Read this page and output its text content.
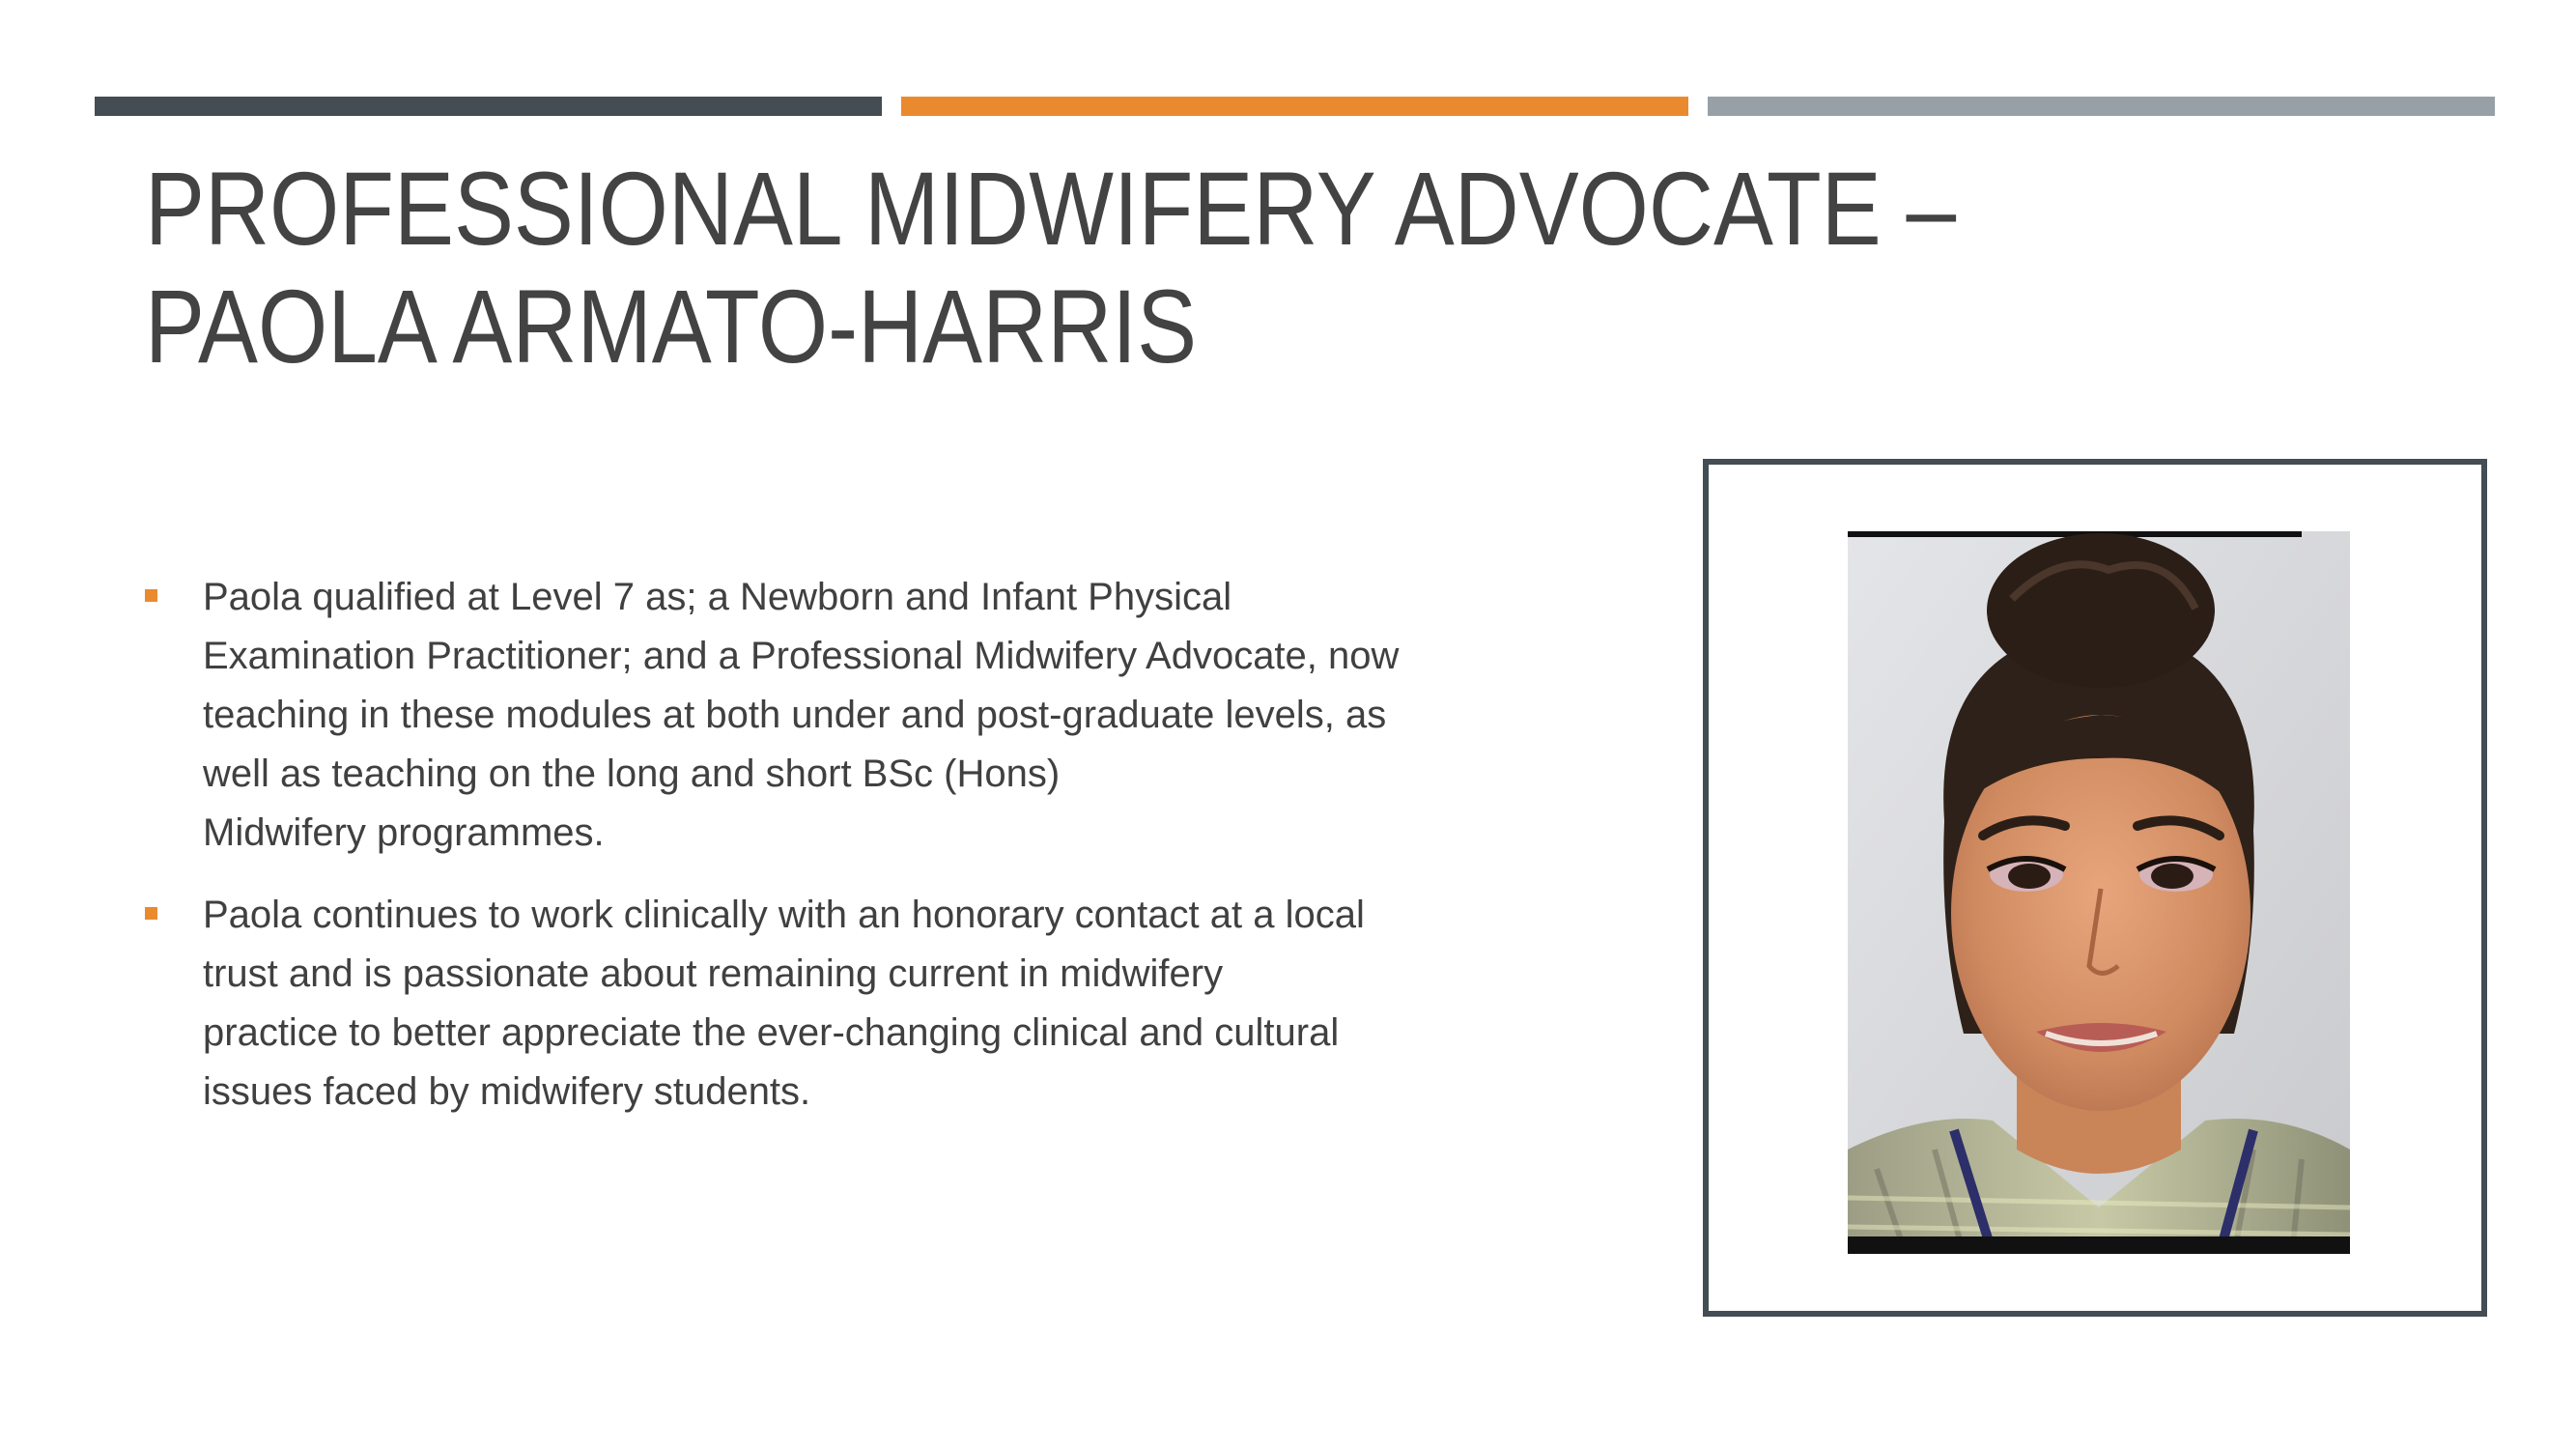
PROFESSIONAL MIDWIFERY ADVOCATE –
PAOLA ARMATO-HARRIS
Paola qualified at Level 7 as; a Newborn and Infant Physical
Examination Practitioner; and a Professional Midwifery Advocate, now
teaching in these modules at both under and post-graduate levels, as
well as teaching on the long and short BSc (Hons)
Midwifery programmes.
Paola continues to work clinically with an honorary contact at a local
trust and is passionate about remaining current in midwifery
practice to better appreciate the ever-changing clinical and cultural
issues faced by midwifery students.
